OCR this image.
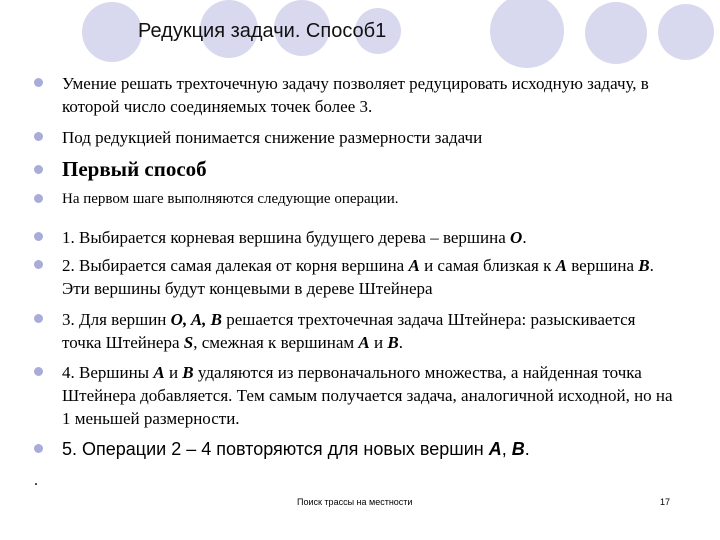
Редукция задачи. Способ1
Умение решать трехточечную задачу позволяет редуцировать исходную задачу, в которой число соединяемых точек более 3.
Под редукцией понимается снижение размерности задачи
Первый способ
На первом шаге выполняются следующие операции.
1. Выбирается корневая вершина будущего дерева – вершина O.
2. Выбирается самая далекая от корня вершина A и самая близкая к A вершина B. Эти вершины будут концевыми в дереве Штейнера
3. Для вершин O, A, B решается трехточечная задача Штейнера: разыскивается точка Штейнера S, смежная к вершинам A и B.
4. Вершины A и B удаляются из первоначального множества, а найденная точка Штейнера добавляется. Тем самым получается задача, аналогичной исходной, но на 1 меньшей размерности.
5. Операции 2 – 4 повторяются для новых вершин A, B.
.
Поиск трассы на местности	17
